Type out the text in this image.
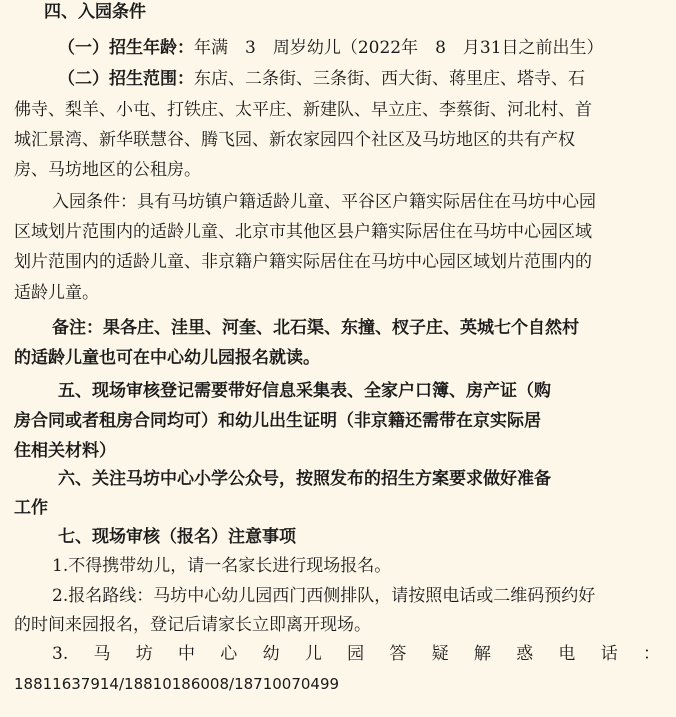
四、入园条件
（一）招生年龄：年满　3　周岁幼儿（2022年　8　月31日之前出生）
（二）招生范围：东店、二条街、三条街、西大街、蒋里庄、塔寺、石
佛寺、梨羊、小屯、打铁庄、太平庄、新建队、早立庄、李蔡街、河北村、首
城汇景湾、新华联慧谷、腾飞园、新农家园四个社区及马坊地区的共有产权
房、马坊地区的公租房。
入园条件：具有马坊镇户籍适龄儿童、平谷区户籍实际居住在马坊中心园
区域划片范围内的适龄儿童、北京市其他区县户籍实际居住在马坊中心园区域
划片范围内的适龄儿童、非京籍户籍实际居住在马坊中心园区域划片范围内的
适龄儿童。
备注：果各庄、洼里、河奎、北石渠、东撞、杈子庄、英城七个自然村
的适龄儿童也可在中心幼儿园报名就读。
五、现场审核登记需要带好信息采集表、全家户口簿、房产证（购
房合同或者租房合同均可）和幼儿出生证明（非京籍还需带在京实际居
住相关材料）
六、关注马坊中心小学公众号，按照发布的招生方案要求做好准备
工作
七、现场审核（报名）注意事项
1.不得携带幼儿，请一名家长进行现场报名。
2.报名路线：马坊中心幼儿园西门西侧排队，请按照电话或二维码预约好
的时间来园报名，登记后请家长立即离开现场。
3. 马 坊 中 心 幼 儿 园 答 疑 解 惑 电 话 ：
18811637914/18810186008/18710070499
